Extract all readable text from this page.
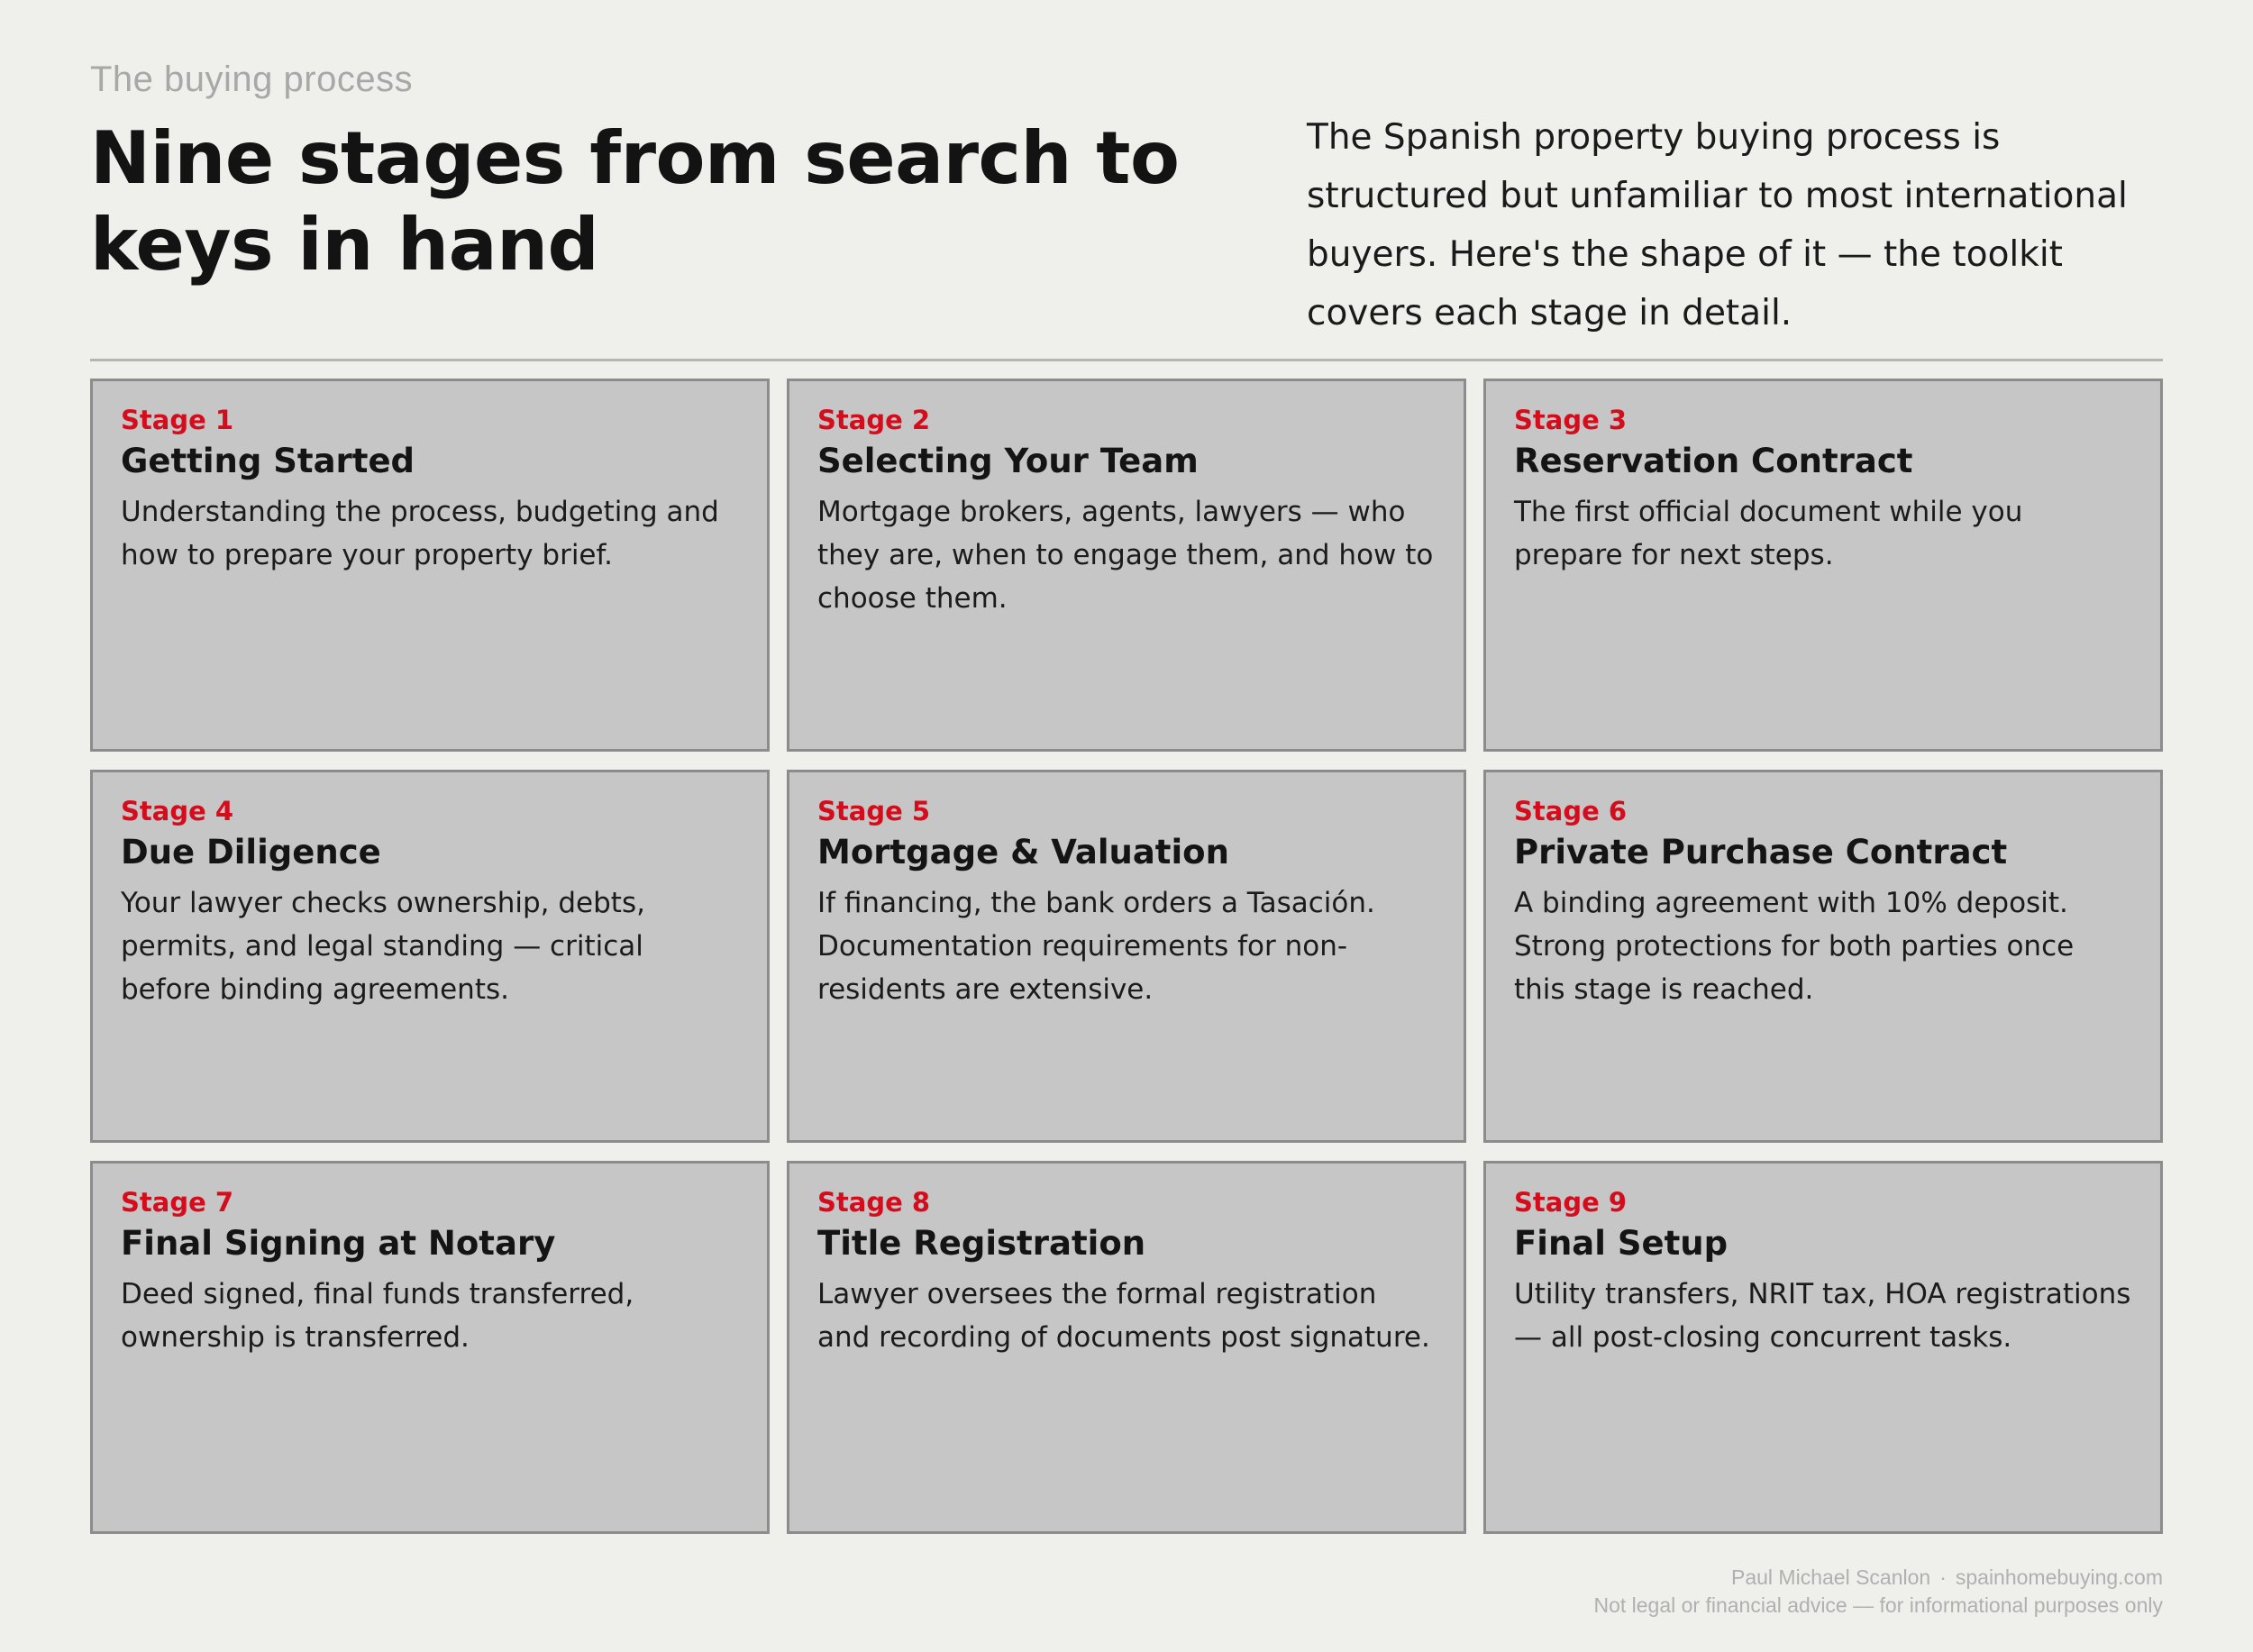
The buying process
Nine stages from search to keys in hand

The Spanish property buying process is structured but unfamiliar to most international buyers. Here's the shape of it — the toolkit covers each stage in detail.

Stage 1
Getting Started
Understanding the process, budgeting and how to prepare your property brief.
Stage 2
Selecting Your Team
Mortgage brokers, agents, lawyers — who they are, when to engage them, and how to choose them.
Stage 3
Reservation Contract
The first official document while you prepare for next steps.
Stage 4
Due Diligence
Your lawyer checks ownership, debts, permits, and legal standing — critical before binding agreements.
Stage 5
Mortgage & Valuation
If financing, the bank orders a Tasación. Documentation requirements for non-residents are extensive.
Stage 6
Private Purchase Contract
A binding agreement with 10% deposit. Strong protections for both parties once this stage is reached.
Stage 7
Final Signing at Notary
Deed signed, final funds transferred, ownership is transferred.
Stage 8
Title Registration
Lawyer oversees the formal registration and recording of documents post signature.
Stage 9
Final Setup
Utility transfers, NRIT tax, HOA registrations — all post-closing concurrent tasks.
Paul Michael Scanlon · spainhomebuying.com
Not legal or financial advice — for informational purposes only
